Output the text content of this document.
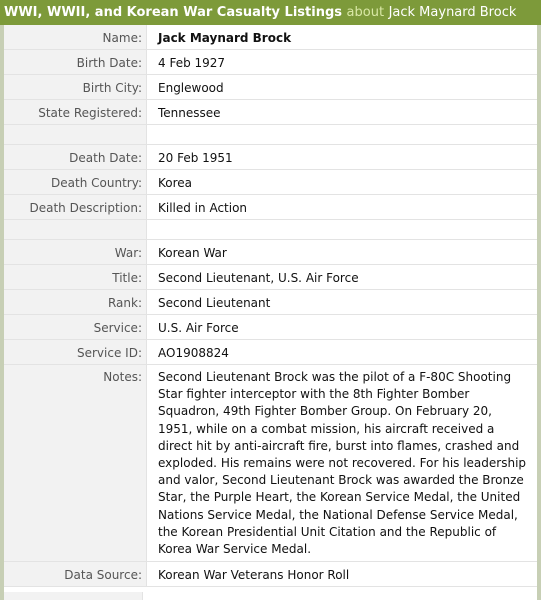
WWI, WWII, and Korean War Casualty Listings about Jack Maynard Brock
Name:	Jack Maynard Brock
Birth Date:	4 Feb 1927
Birth City:	Englewood
State Registered:	Tennessee

Death Date:	20 Feb 1951
Death Country:	Korea
Death Description:	Killed in Action

War:	Korean War
Title:	Second Lieutenant, U.S. Air Force
Rank:	Second Lieutenant
Service:	U.S. Air Force
Service ID:	AO1908824
Notes:	Second Lieutenant Brock was the pilot of a F-80C Shooting Star fighter interceptor with the 8th Fighter Bomber Squadron, 49th Fighter Bomber Group. On February 20, 1951, while on a combat mission, his aircraft received a direct hit by anti-aircraft fire, burst into flames, crashed and exploded. His remains were not recovered. For his leadership and valor, Second Lieutenant Brock was awarded the Bronze Star, the Purple Heart, the Korean Service Medal, the United Nations Service Medal, the National Defense Service Medal, the Korean Presidential Unit Citation and the Republic of Korea War Service Medal.
Data Source:	Korean War Veterans Honor Roll
